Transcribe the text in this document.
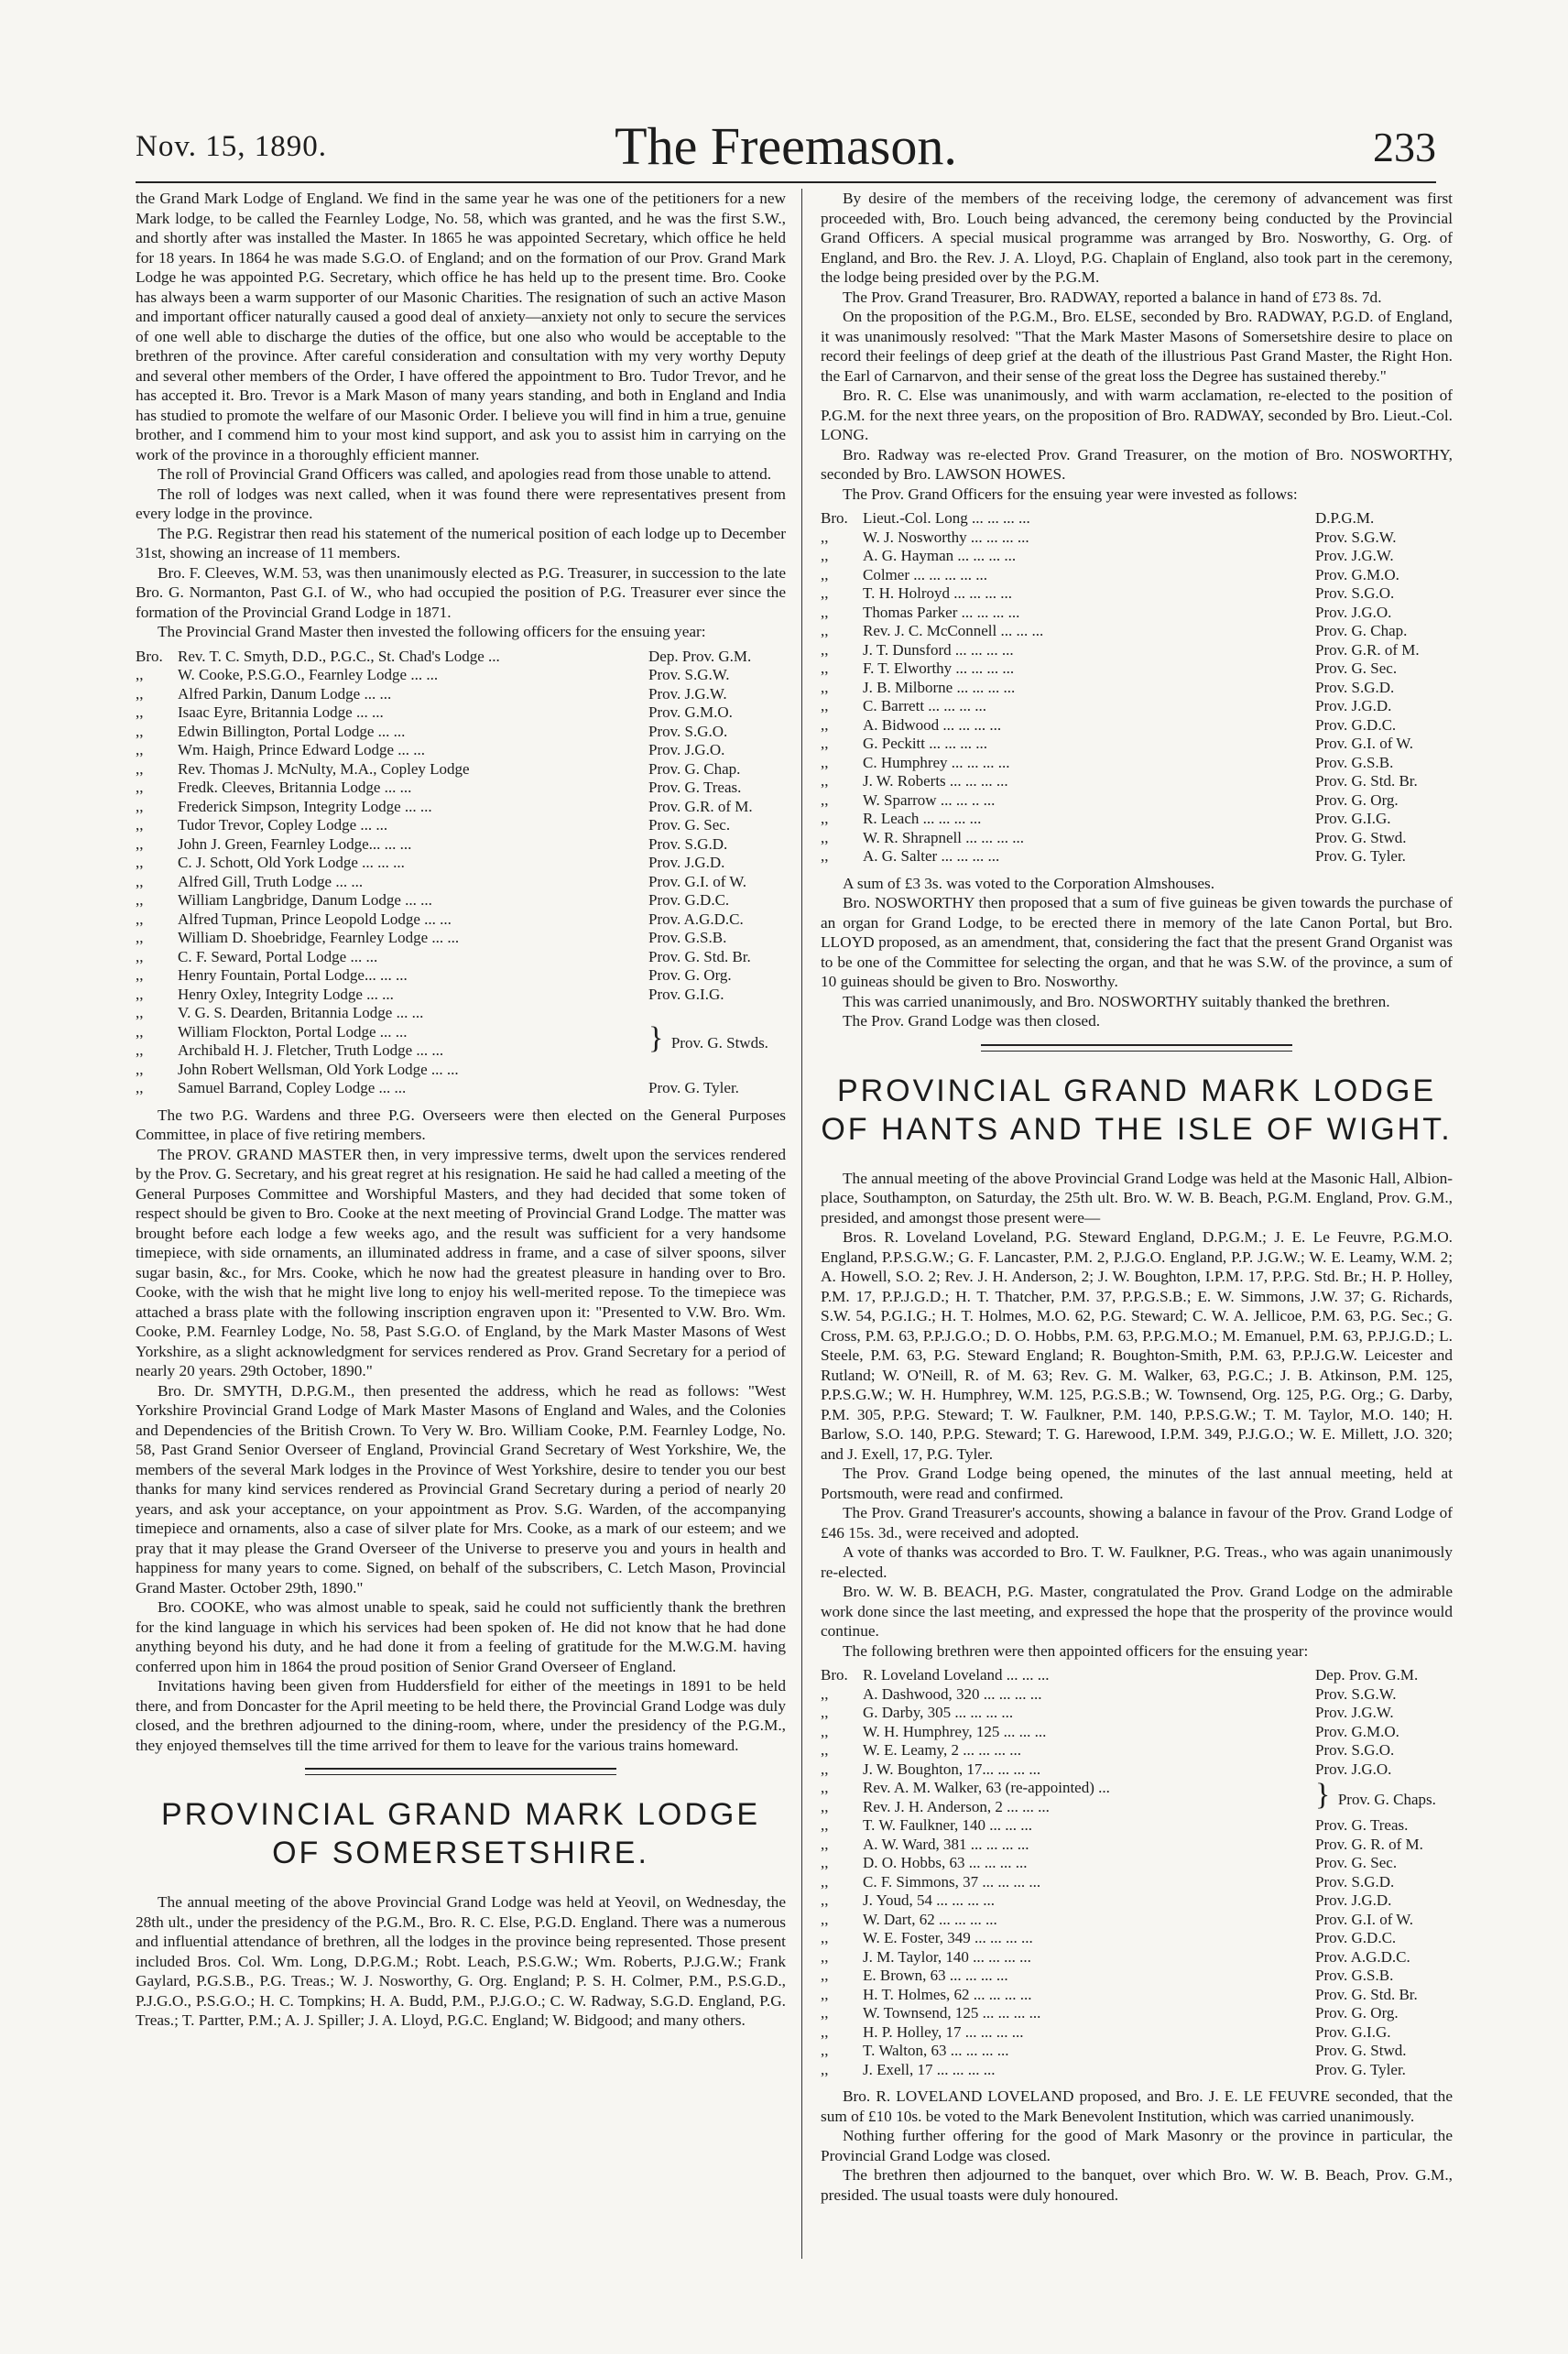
Nov. 15, 1890.	The Freemason.	233

the Grand Mark Lodge of England. We find in the same year he was one of the petitioners for a new Mark lodge, to be called the Fearnley Lodge, No. 58, which was granted, and he was the first S.W., and shortly after was installed the Master. In 1865 he was appointed Secretary, which office he held for 18 years. In 1864 he was made S.G.O. of England; and on the formation of our Prov. Grand Mark Lodge he was appointed P.G. Secretary, which office he has held up to the present time. Bro. Cooke has always been a warm supporter of our Masonic Charities. The resignation of such an active Mason and important officer naturally caused a good deal of anxiety—anxiety not only to secure the services of one well able to discharge the duties of the office, but one also who would be acceptable to the brethren of the province. After careful consideration and consultation with my very worthy Deputy and several other members of the Order, I have offered the appointment to Bro. Tudor Trevor, and he has accepted it. Bro. Trevor is a Mark Mason of many years standing, and both in England and India has studied to promote the welfare of our Masonic Order. I believe you will find in him a true, genuine brother, and I commend him to your most kind support, and ask you to assist him in carrying on the work of the province in a thoroughly efficient manner.

The roll of Provincial Grand Officers was called, and apologies read from those unable to attend.

The roll of lodges was next called, when it was found there were representatives present from every lodge in the province.

The P.G. Registrar then read his statement of the numerical position of each lodge up to December 31st, showing an increase of 11 members.

Bro. F. Cleeves, W.M. 53, was then unanimously elected as P.G. Treasurer, in succession to the late Bro. G. Normanton, Past G.I. of W., who had occupied the position of P.G. Treasurer ever since the formation of the Provincial Grand Lodge in 1871.

The Provincial Grand Master then invested the following officers for the ensuing year:

Bro.	Rev. T. C. Smyth, D.D., P.G.C., St. Chad's Lodge ...	Dep. Prov. G.M.
,,	W. Cooke, P.S.G.O., Fearnley Lodge ... ...	Prov. S.G.W.
,,	Alfred Parkin, Danum Lodge ... ...	Prov. J.G.W.
,,	Isaac Eyre, Britannia Lodge ... ...	Prov. G.M.O.
,,	Edwin Billington, Portal Lodge ... ...	Prov. S.G.O.
,,	Wm. Haigh, Prince Edward Lodge ... ...	Prov. J.G.O.
,,	Rev. Thomas J. McNulty, M.A., Copley Lodge	Prov. G. Chap.
,,	Fredk. Cleeves, Britannia Lodge ... ...	Prov. G. Treas.
,,	Frederick Simpson, Integrity Lodge ... ...	Prov. G.R. of M.
,,	Tudor Trevor, Copley Lodge ... ...	Prov. G. Sec.
,,	John J. Green, Fearnley Lodge... ... ...	Prov. S.G.D.
,,	C. J. Schott, Old York Lodge ... ... ...	Prov. J.G.D.
,,	Alfred Gill, Truth Lodge ... ...	Prov. G.I. of W.
,,	William Langbridge, Danum Lodge ... ...	Prov. G.D.C.
,,	Alfred Tupman, Prince Leopold Lodge ... ...	Prov. A.G.D.C.
,,	William D. Shoebridge, Fearnley Lodge ... ...	Prov. G.S.B.
,,	C. F. Seward, Portal Lodge ... ...	Prov. G. Std. Br.
,,	Henry Fountain, Portal Lodge... ... ...	Prov. G. Org.
,,	Henry Oxley, Integrity Lodge ... ...	Prov. G.I.G.
,,	V. G. S. Dearden, Britannia Lodge ... ...	} Prov. G. Stwds.
,,	William Flockton, Portal Lodge ... ...	
,,	Archibald H. J. Fletcher, Truth Lodge ... ...	
,,	John Robert Wellsman, Old York Lodge ... ...	
,,	Samuel Barrand, Copley Lodge ... ...	Prov. G. Tyler.

The two P.G. Wardens and three P.G. Overseers were then elected on the General Purposes Committee, in place of five retiring members.

The PROV. GRAND MASTER then, in very impressive terms, dwelt upon the services rendered by the Prov. G. Secretary, and his great regret at his resignation. He said he had called a meeting of the General Purposes Committee and Worshipful Masters, and they had decided that some token of respect should be given to Bro. Cooke at the next meeting of Provincial Grand Lodge. The matter was brought before each lodge a few weeks ago, and the result was sufficient for a very handsome timepiece, with side ornaments, an illuminated address in frame, and a case of silver spoons, silver sugar basin, &c., for Mrs. Cooke, which he now had the greatest pleasure in handing over to Bro. Cooke, with the wish that he might live long to enjoy his well-merited repose. To the timepiece was attached a brass plate with the following inscription engraven upon it: "Presented to V.W. Bro. Wm. Cooke, P.M. Fearnley Lodge, No. 58, Past S.G.O. of England, by the Mark Master Masons of West Yorkshire, as a slight acknowledgment for services rendered as Prov. Grand Secretary for a period of nearly 20 years. 29th October, 1890."

Bro. Dr. SMYTH, D.P.G.M., then presented the address, which he read as follows: "West Yorkshire Provincial Grand Lodge of Mark Master Masons of England and Wales, and the Colonies and Dependencies of the British Crown. To Very W. Bro. William Cooke, P.M. Fearnley Lodge, No. 58, Past Grand Senior Overseer of England, Provincial Grand Secretary of West Yorkshire, We, the members of the several Mark lodges in the Province of West Yorkshire, desire to tender you our best thanks for many kind services rendered as Provincial Grand Secretary during a period of nearly 20 years, and ask your acceptance, on your appointment as Prov. S.G. Warden, of the accompanying timepiece and ornaments, also a case of silver plate for Mrs. Cooke, as a mark of our esteem; and we pray that it may please the Grand Overseer of the Universe to preserve you and yours in health and happiness for many years to come. Signed, on behalf of the subscribers, C. Letch Mason, Provincial Grand Master. October 29th, 1890."

Bro. COOKE, who was almost unable to speak, said he could not sufficiently thank the brethren for the kind language in which his services had been spoken of. He did not know that he had done anything beyond his duty, and he had done it from a feeling of gratitude for the M.W.G.M. having conferred upon him in 1864 the proud position of Senior Grand Overseer of England.

Invitations having been given from Huddersfield for either of the meetings in 1891 to be held there, and from Doncaster for the April meeting to be held there, the Provincial Grand Lodge was duly closed, and the brethren adjourned to the dining-room, where, under the presidency of the P.G.M., they enjoyed themselves till the time arrived for them to leave for the various trains homeward.

PROVINCIAL GRAND MARK LODGE OF SOMERSETSHIRE.

The annual meeting of the above Provincial Grand Lodge was held at Yeovil, on Wednesday, the 28th ult., under the presidency of the P.G.M., Bro. R. C. Else, P.G.D. England. There was a numerous and influential attendance of brethren, all the lodges in the province being represented. Those present included Bros. Col. Wm. Long, D.P.G.M.; Robt. Leach, P.S.G.W.; Wm. Roberts, P.J.G.W.; Frank Gaylard, P.G.S.B., P.G. Treas.; W. J. Nosworthy, G. Org. England; P. S. H. Colmer, P.M., P.S.G.D., P.J.G.O., P.S.G.O.; H. C. Tompkins; H. A. Budd, P.M., P.J.G.O.; C. W. Radway, S.G.D. England, P.G. Treas.; T. Partter, P.M.; A. J. Spiller; J. A. Lloyd, P.G.C. England; W. Bidgood; and many others.

By desire of the members of the receiving lodge, the ceremony of advancement was first proceeded with, Bro. Louch being advanced, the ceremony being conducted by the Provincial Grand Officers. A special musical programme was arranged by Bro. Nosworthy, G. Org. of England, and Bro. the Rev. J. A. Lloyd, P.G. Chaplain of England, also took part in the ceremony, the lodge being presided over by the P.G.M.

The Prov. Grand Treasurer, Bro. RADWAY, reported a balance in hand of £73 8s. 7d.

On the proposition of the P.G.M., Bro. ELSE, seconded by Bro. RADWAY, P.G.D. of England, it was unanimously resolved: "That the Mark Master Masons of Somersetshire desire to place on record their feelings of deep grief at the death of the illustrious Past Grand Master, the Right Hon. the Earl of Carnarvon, and their sense of the great loss the Degree has sustained thereby."

Bro. R. C. Else was unanimously, and with warm acclamation, re-elected to the position of P.G.M. for the next three years, on the proposition of Bro. RADWAY, seconded by Bro. Lieut.-Col. LONG.

Bro. Radway was re-elected Prov. Grand Treasurer, on the motion of Bro. NOSWORTHY, seconded by Bro. LAWSON HOWES.

The Prov. Grand Officers for the ensuing year were invested as follows:

Bro.	Lieut.-Col. Long ... ... ... ...	D.P.G.M.
,,	W. J. Nosworthy ... ... ... ...	Prov. S.G.W.
,,	A. G. Hayman ... ... ... ...	Prov. J.G.W.
,,	Colmer ... ... ... ... ...	Prov. G.M.O.
,,	T. H. Holroyd ... ... ... ...	Prov. S.G.O.
,,	Thomas Parker ... ... ... ...	Prov. J.G.O.
,,	Rev. J. C. McConnell ... ... ...	Prov. G. Chap.
,,	J. T. Dunsford ... ... ... ...	Prov. G.R. of M.
,,	F. T. Elworthy ... ... ... ...	Prov. G. Sec.
,,	J. B. Milborne ... ... ... ...	Prov. S.G.D.
,,	C. Barrett ... ... ... ...	Prov. J.G.D.
,,	A. Bidwood ... ... ... ...	Prov. G.D.C.
,,	G. Peckitt ... ... ... ...	Prov. G.I. of W.
,,	C. Humphrey ... ... ... ...	Prov. G.S.B.
,,	J. W. Roberts ... ... ... ...	Prov. G. Std. Br.
,,	W. Sparrow ... ... .. ...	Prov. G. Org.
,,	R. Leach ... ... ... ...	Prov. G.I.G.
,,	W. R. Shrapnell ... ... ... ...	Prov. G. Stwd.
,,	A. G. Salter ... ... ... ...	Prov. G. Tyler.

A sum of £3 3s. was voted to the Corporation Almshouses.

Bro. NOSWORTHY then proposed that a sum of five guineas be given towards the purchase of an organ for Grand Lodge, to be erected there in memory of the late Canon Portal, but Bro. LLOYD proposed, as an amendment, that, considering the fact that the present Grand Organist was to be one of the Committee for selecting the organ, and that he was S.W. of the province, a sum of 10 guineas should be given to Bro. Nosworthy.

This was carried unanimously, and Bro. NOSWORTHY suitably thanked the brethren.

The Prov. Grand Lodge was then closed.

PROVINCIAL GRAND MARK LODGE OF HANTS AND THE ISLE OF WIGHT.

The annual meeting of the above Provincial Grand Lodge was held at the Masonic Hall, Albion-place, Southampton, on Saturday, the 25th ult. Bro. W. W. B. Beach, P.G.M. England, Prov. G.M., presided, and amongst those present were—

Bros. R. Loveland Loveland, P.G. Steward England, D.P.G.M.; J. E. Le Feuvre, P.G.M.O. England, P.P.S.G.W.; G. F. Lancaster, P.M. 2, P.J.G.O. England, P.P. J.G.W.; W. E. Leamy, W.M. 2; A. Howell, S.O. 2; Rev. J. H. Anderson, 2; J. W. Boughton, I.P.M. 17, P.P.G. Std. Br.; H. P. Holley, P.M. 17, P.P.J.G.D.; H. T. Thatcher, P.M. 37, P.P.G.S.B.; E. W. Simmons, J.W. 37; G. Richards, S.W. 54, P.G.I.G.; H. T. Holmes, M.O. 62, P.G. Steward; C. W. A. Jellicoe, P.M. 63, P.G. Sec.; G. Cross, P.M. 63, P.P.J.G.O.; D. O. Hobbs, P.M. 63, P.P.G.M.O.; M. Emanuel, P.M. 63, P.P.J.G.D.; L. Steele, P.M. 63, P.G. Steward England; R. Boughton-Smith, P.M. 63, P.P.J.G.W. Leicester and Rutland; W. O'Neill, R. of M. 63; Rev. G. M. Walker, 63, P.G.C.; J. B. Atkinson, P.M. 125, P.P.S.G.W.; W. H. Humphrey, W.M. 125, P.G.S.B.; W. Townsend, Org. 125, P.G. Org.; G. Darby, P.M. 305, P.P.G. Steward; T. W. Faulkner, P.M. 140, P.P.S.G.W.; T. M. Taylor, M.O. 140; H. Barlow, S.O. 140, P.P.G. Steward; T. G. Harewood, I.P.M. 349, P.J.G.O.; W. E. Millett, J.O. 320; and J. Exell, 17, P.G. Tyler.

The Prov. Grand Lodge being opened, the minutes of the last annual meeting, held at Portsmouth, were read and confirmed.

The Prov. Grand Treasurer's accounts, showing a balance in favour of the Prov. Grand Lodge of £46 15s. 3d., were received and adopted.

A vote of thanks was accorded to Bro. T. W. Faulkner, P.G. Treas., who was again unanimously re-elected.

Bro. W. W. B. BEACH, P.G. Master, congratulated the Prov. Grand Lodge on the admirable work done since the last meeting, and expressed the hope that the prosperity of the province would continue.

The following brethren were then appointed officers for the ensuing year:

Bro.	R. Loveland Loveland ... ... ...	Dep. Prov. G.M.
,,	A. Dashwood, 320 ... ... ... ...	Prov. S.G.W.
,,	G. Darby, 305 ... ... ... ...	Prov. J.G.W.
,,	W. H. Humphrey, 125 ... ... ...	Prov. G.M.O.
,,	W. E. Leamy, 2 ... ... ... ...	Prov. S.G.O.
,,	J. W. Boughton, 17... ... ... ...	Prov. J.G.O.
,,	Rev. A. M. Walker, 63 (re-appointed) ...	} Prov. G. Chaps.
,,	Rev. J. H. Anderson, 2 ... ... ...	
,,	T. W. Faulkner, 140 ... ... ...	Prov. G. Treas.
,,	A. W. Ward, 381 ... ... ... ...	Prov. G. R. of M.
,,	D. O. Hobbs, 63 ... ... ... ...	Prov. G. Sec.
,,	C. F. Simmons, 37 ... ... ... ...	Prov. S.G.D.
,,	J. Youd, 54 ... ... ... ...	Prov. J.G.D.
,,	W. Dart, 62 ... ... ... ...	Prov. G.I. of W.
,,	W. E. Foster, 349 ... ... ... ...	Prov. G.D.C.
,,	J. M. Taylor, 140 ... ... ... ...	Prov. A.G.D.C.
,,	E. Brown, 63 ... ... ... ...	Prov. G.S.B.
,,	H. T. Holmes, 62 ... ... ... ...	Prov. G. Std. Br.
,,	W. Townsend, 125 ... ... ... ...	Prov. G. Org.
,,	H. P. Holley, 17 ... ... ... ...	Prov. G.I.G.
,,	T. Walton, 63 ... ... ... ...	Prov. G. Stwd.
,,	J. Exell, 17 ... ... ... ...	Prov. G. Tyler.

Bro. R. LOVELAND LOVELAND proposed, and Bro. J. E. LE FEUVRE seconded, that the sum of £10 10s. be voted to the Mark Benevolent Institution, which was carried unanimously.

Nothing further offering for the good of Mark Masonry or the province in particular, the Provincial Grand Lodge was closed.

The brethren then adjourned to the banquet, over which Bro. W. W. B. Beach, Prov. G.M., presided. The usual toasts were duly honoured.
